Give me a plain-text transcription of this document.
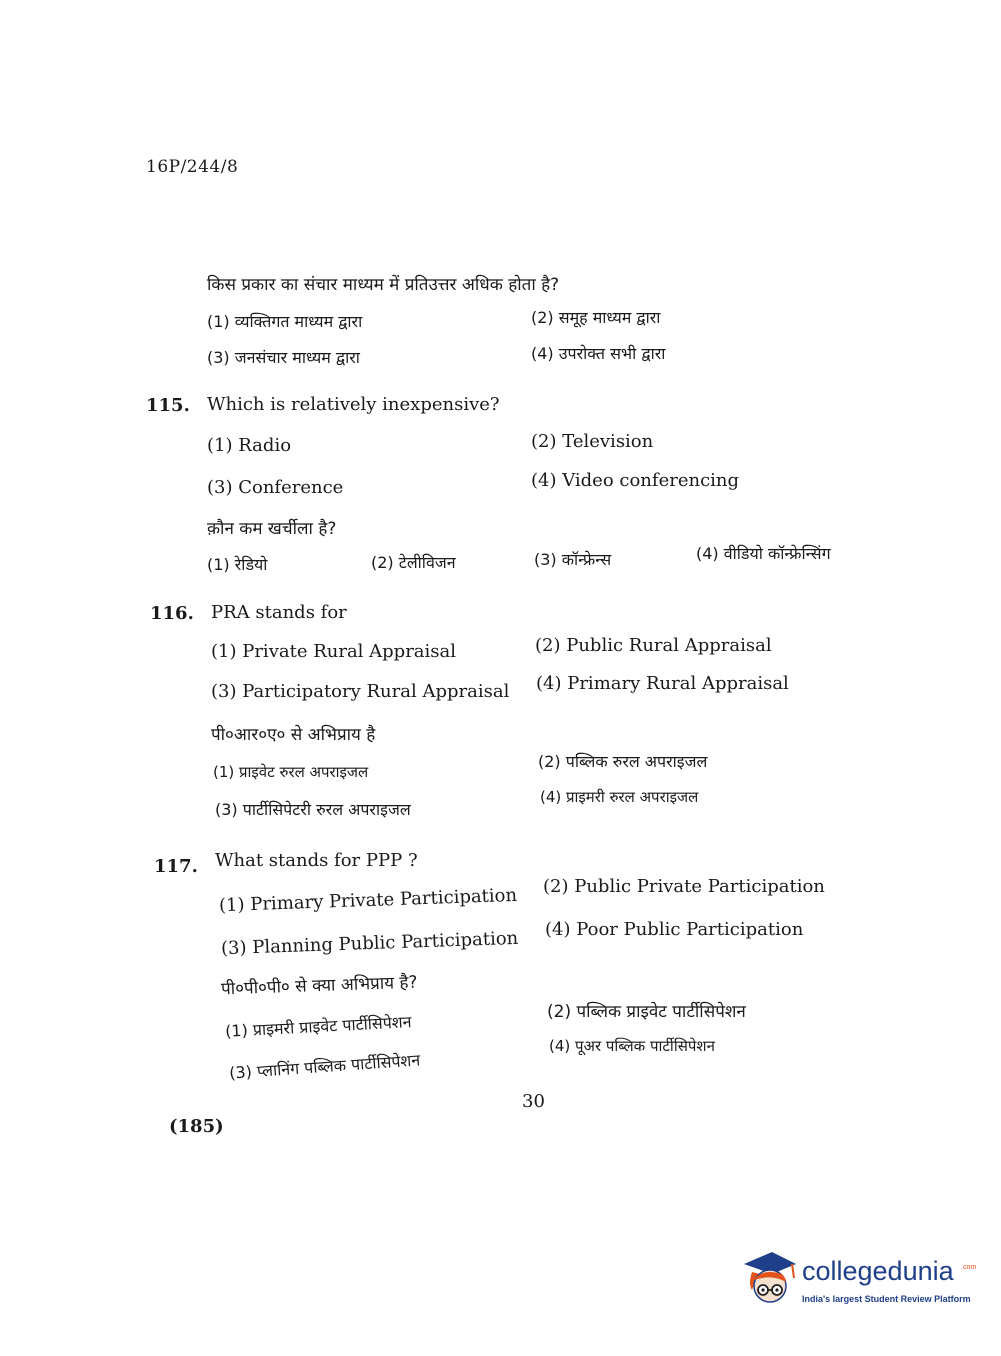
16P/244/8
किस प्रकार का संचार माध्यम में प्रतिउत्तर अधिक होता है?
(1) व्यक्तिगत माध्यम द्वारा	(2) समूह माध्यम द्वारा
(3) जनसंचार माध्यम द्वारा	(4) उपरोक्त सभी द्वारा
115. Which is relatively inexpensive?
(1) Radio	(2) Television
(3) Conference	(4) Video conferencing
क़ौन कम खर्चीला है?
(1) रेडियो	(2) टेलीविजन	(3) कॉन्फ्रेन्स	(4) वीडियो कॉन्फ्रेन्सिंग
116. PRA stands for
(1) Private Rural Appraisal	(2) Public Rural Appraisal
(3) Participatory Rural Appraisal (4) Primary Rural Appraisal
पी०आर०ए० से अभिप्राय है
(1) प्राइवेट रुरल अपराइजल
(2) पब्लिक रुरल अपराइजल
(3) पार्टीसिपेटरी रुरल अपराइजल
(4) प्राइमरी रुरल अपराइजल
117. What stands for PPP ?
(1) Primary Private Participation (2) Public Private Participation
(3) Planning Public Participation (4) Poor Public Participation
पी०पी०पी० से क्या अभिप्राय है?
(1) प्राइमरी प्राइवेट पार्टीसिपेशन
(2) पब्लिक प्राइवेट पार्टीसिपेशन
(3) प्लानिंग पब्लिक पार्टीसिपेशन
(4) पूअर पब्लिक पार्टीसिपेशन
30
(185)
collegedunia .com
India's largest Student Review Platform
